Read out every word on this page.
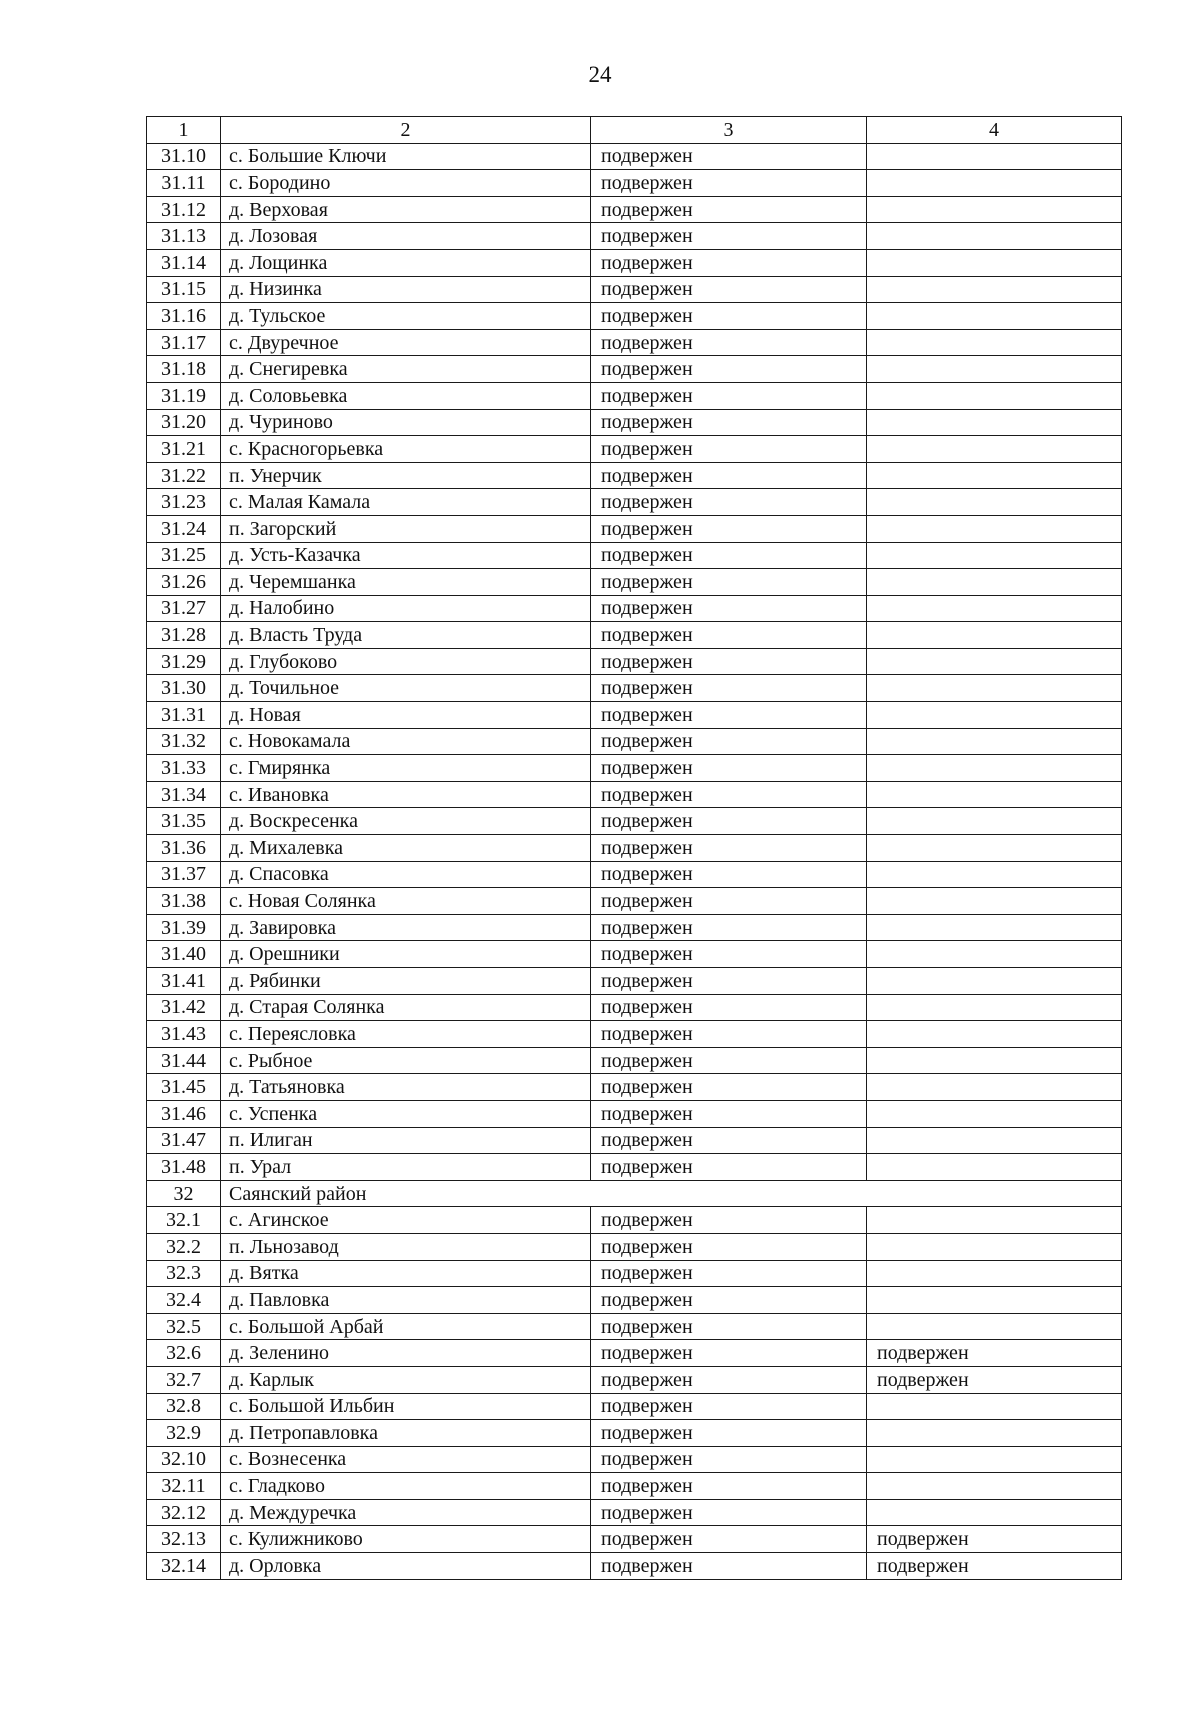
24
1	2	3	4
31.10	с. Большие Ключи	подвержен	
31.11	с. Бородино	подвержен	
31.12	д. Верховая	подвержен	
31.13	д. Лозовая	подвержен	
31.14	д. Лощинка	подвержен	
31.15	д. Низинка	подвержен	
31.16	д. Тульское	подвержен	
31.17	с. Двуречное	подвержен	
31.18	д. Снегиревка	подвержен	
31.19	д. Соловьевка	подвержен	
31.20	д. Чуриново	подвержен	
31.21	с. Красногорьевка	подвержен	
31.22	п. Унерчик	подвержен	
31.23	с. Малая Камала	подвержен	
31.24	п. Загорский	подвержен	
31.25	д. Усть-Казачка	подвержен	
31.26	д. Черемшанка	подвержен	
31.27	д. Налобино	подвержен	
31.28	д. Власть Труда	подвержен	
31.29	д. Глубоково	подвержен	
31.30	д. Точильное	подвержен	
31.31	д. Новая	подвержен	
31.32	с. Новокамала	подвержен	
31.33	с. Гмирянка	подвержен	
31.34	с. Ивановка	подвержен	
31.35	д. Воскресенка	подвержен	
31.36	д. Михалевка	подвержен	
31.37	д. Спасовка	подвержен	
31.38	с. Новая Солянка	подвержен	
31.39	д. Завировка	подвержен	
31.40	д. Орешники	подвержен	
31.41	д. Рябинки	подвержен	
31.42	д. Старая Солянка	подвержен	
31.43	с. Переясловка	подвержен	
31.44	с. Рыбное	подвержен	
31.45	д. Татьяновка	подвержен	
31.46	с. Успенка	подвержен	
31.47	п. Илиган	подвержен	
31.48	п. Урал	подвержен	
32	Саянский район		
32.1	с. Агинское	подвержен	
32.2	п. Льнозавод	подвержен	
32.3	д. Вятка	подвержен	
32.4	д. Павловка	подвержен	
32.5	с. Большой Арбай	подвержен	
32.6	д. Зеленино	подвержен	подвержен
32.7	д. Карлык	подвержен	подвержен
32.8	с. Большой Ильбин	подвержен	
32.9	д. Петропавловка	подвержен	
32.10	с. Вознесенка	подвержен	
32.11	с. Гладково	подвержен	
32.12	д. Междуречка	подвержен	
32.13	с. Кулижниково	подвержен	подвержен
32.14	д. Орловка	подвержен	подвержен
